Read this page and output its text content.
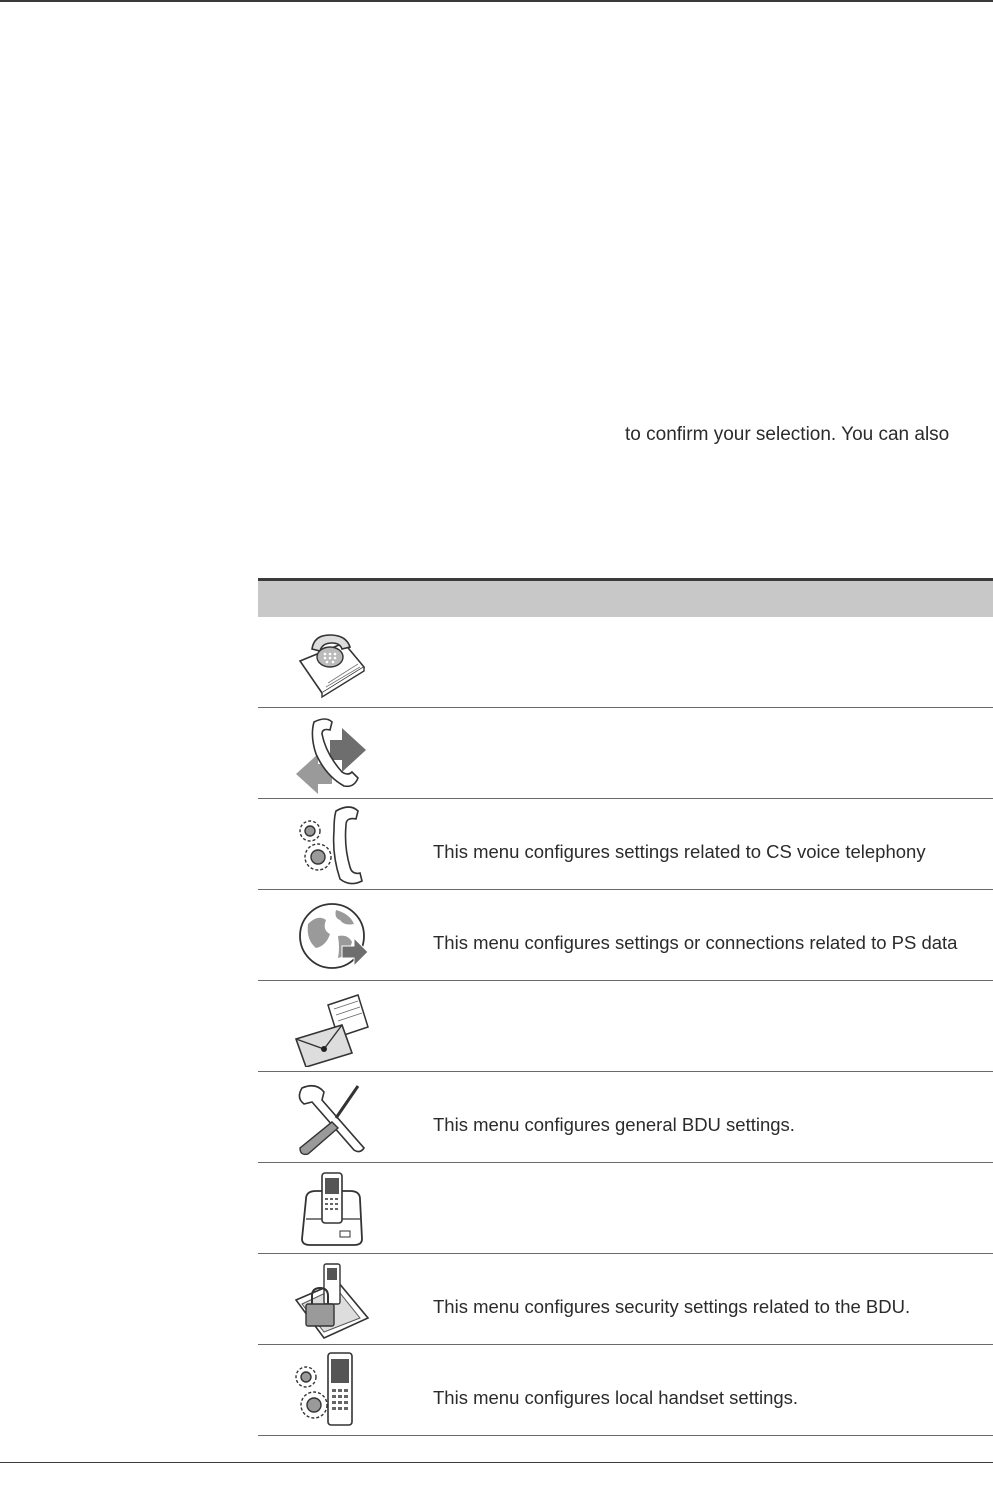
to confirm your selection. You can also
This menu configures settings related to CS voice telephony
This menu configures settings or connections related to PS data
This menu configures general BDU settings.
This menu configures security settings related to the BDU.
This menu configures local handset settings.
